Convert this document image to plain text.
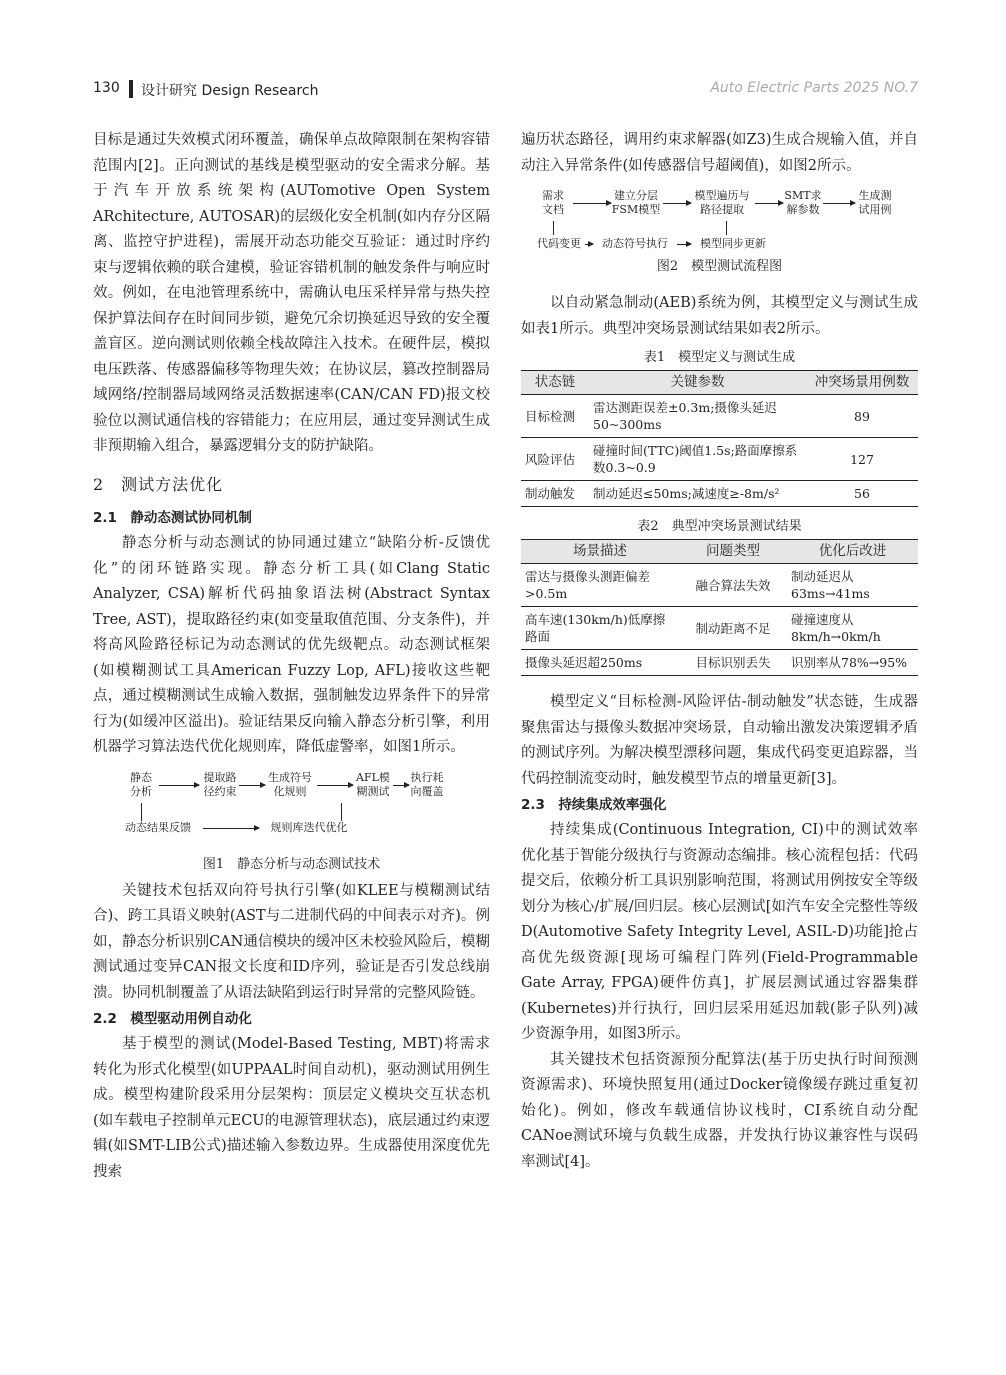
130 设计研究 Design Research	Auto Electric Parts 2025 NO.7

目标是通过失效模式闭环覆盖，确保单点故障限制在架构容错范围内[2]。正向测试的基线是模型驱动的安全需求分解。基于汽车开放系统架构(AUTomotive Open System ARchitecture, AUTOSAR)的层级化安全机制(如内存分区隔离、监控守护进程)，需展开动态功能交互验证：通过时序约束与逻辑依赖的联合建模，验证容错机制的触发条件与响应时效。例如，在电池管理系统中，需确认电压采样异常与热失控保护算法间存在时间同步锁，避免冗余切换延迟导致的安全覆盖盲区。逆向测试则依赖全栈故障注入技术。在硬件层，模拟电压跌落、传感器偏移等物理失效；在协议层，篡改控制器局域网络/控制器局域网络灵活数据速率(CAN/CAN FD)报文校验位以测试通信栈的容错能力；在应用层，通过变异测试生成非预期输入组合，暴露逻辑分支的防护缺陷。

2　测试方法优化
2.1　静动态测试协同机制

静态分析与动态测试的协同通过建立“缺陷分析-反馈优化”的闭环链路实现。静态分析工具(如Clang Static Analyzer, CSA)解析代码抽象语法树(Abstract Syntax Tree, AST)，提取路径约束(如变量取值范围、分支条件)，并将高风险路径标记为动态测试的优先级靶点。动态测试框架(如模糊测试工具American Fuzzy Lop, AFL)接收这些靶点，通过模糊测试生成输入数据，强制触发边界条件下的异常行为(如缓冲区溢出)。验证结果反向输入静态分析引擎，利用机器学习算法迭代优化规则库，降低虚警率，如图1所示。

静态
分析
提取路
径约束
生成符号
化规则
AFL模
糊测试
执行耗
向覆盖
动态结果反馈	规则库迭代优化
图1　静态分析与动态测试技术

关键技术包括双向符号执行引擎(如KLEE与模糊测试结合)、跨工具语义映射(AST与二进制代码的中间表示对齐)。例如，静态分析识别CAN通信模块的缓冲区未校验风险后，模糊测试通过变异CAN报文长度和ID序列，验证是否引发总线崩溃。协同机制覆盖了从语法缺陷到运行时异常的完整风险链。

2.2　模型驱动用例自动化

基于模型的测试(Model-Based Testing, MBT)将需求转化为形式化模型(如UPPAAL时间自动机)，驱动测试用例生成。模型构建阶段采用分层架构：顶层定义模块交互状态机(如车载电子控制单元ECU的电源管理状态)，底层通过约束逻辑(如SMT-LIB公式)描述输入参数边界。生成器使用深度优先搜索

遍历状态路径，调用约束求解器(如Z3)生成合规输入值，并自动注入异常条件(如传感器信号超阈值)，如图2所示。

需求
文档
建立分层
FSM模型
模型遍历与
路径提取
SMT求
解参数
生成测
试用例
代码变更	动态符号执行	模型同步更新
图2　模型测试流程图

以自动紧急制动(AEB)系统为例，其模型定义与测试生成如表1所示。典型冲突场景测试结果如表2所示。

表1　模型定义与测试生成
状态链	关键参数	冲突场景用例数
目标检测	雷达测距误差±0.3m;摄像头延迟50~300ms	89
风险评估	碰撞时间(TTC)阈值1.5s;路面摩擦系数0.3~0.9	127
制动触发	制动延迟≤50ms;减速度≥-8m/s²	56
表2　典型冲突场景测试结果
场景描述	问题类型	优化后改进
雷达与摄像头测距偏差>0.5m	融合算法失效	制动延迟从63ms→41ms
高车速(130km/h)低摩擦路面	制动距离不足	碰撞速度从8km/h→0km/h
摄像头延迟超250ms	目标识别丢失	识别率从78%→95%

模型定义“目标检测-风险评估-制动触发”状态链，生成器聚焦雷达与摄像头数据冲突场景，自动输出激发决策逻辑矛盾的测试序列。为解决模型漂移问题，集成代码变更追踪器，当代码控制流变动时，触发模型节点的增量更新[3]。

2.3　持续集成效率强化

持续集成(Continuous Integration, CI)中的测试效率优化基于智能分级执行与资源动态编排。核心流程包括：代码提交后，依赖分析工具识别影响范围，将测试用例按安全等级划分为核心/扩展/回归层。核心层测试[如汽车安全完整性等级D(Automotive Safety Integrity Level, ASIL-D)功能]抢占高优先级资源[现场可编程门阵列(Field-Programmable Gate Array, FPGA)硬件仿真]，扩展层测试通过容器集群(Kubernetes)并行执行，回归层采用延迟加载(影子队列)减少资源争用，如图3所示。

其关键技术包括资源预分配算法(基于历史执行时间预测资源需求)、环境快照复用(通过Docker镜像缓存跳过重复初始化)。例如，修改车载通信协议栈时，CI系统自动分配CANoe测试环境与负载生成器，并发执行协议兼容性与误码率测试[4]。
